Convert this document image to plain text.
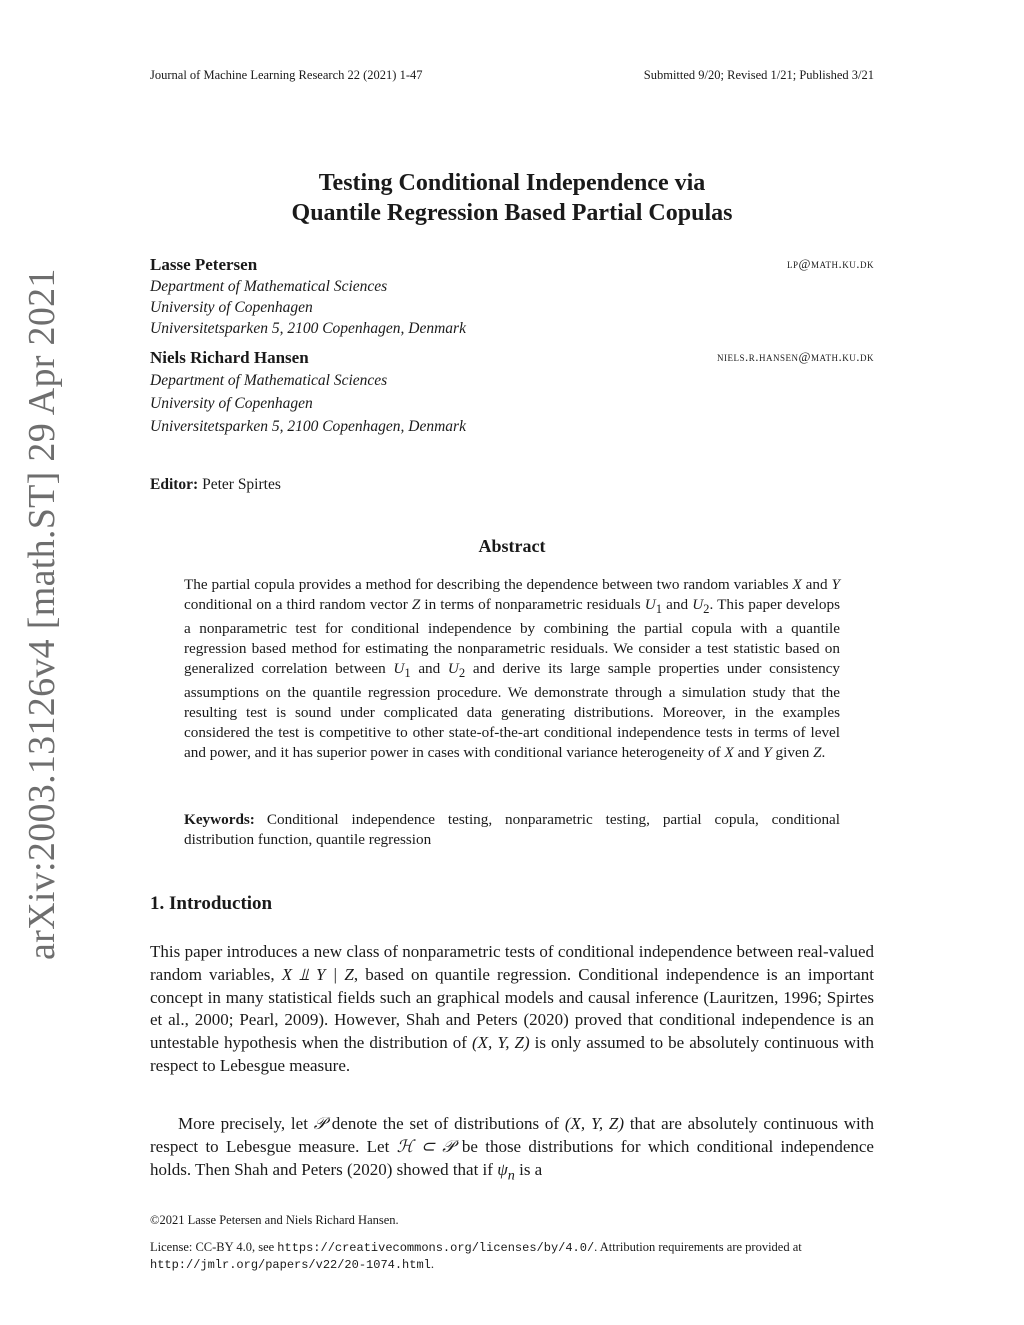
Journal of Machine Learning Research 22 (2021) 1-47	Submitted 9/20; Revised 1/21; Published 3/21
arXiv:2003.13126v4 [math.ST] 29 Apr 2021
Testing Conditional Independence via
Quantile Regression Based Partial Copulas
Lasse Petersen	lp@math.ku.dk
Department of Mathematical Sciences
University of Copenhagen
Universitetsparken 5, 2100 Copenhagen, Denmark
Niels Richard Hansen	niels.r.hansen@math.ku.dk
Department of Mathematical Sciences
University of Copenhagen
Universitetsparken 5, 2100 Copenhagen, Denmark
Editor: Peter Spirtes
Abstract
The partial copula provides a method for describing the dependence between two random variables X and Y conditional on a third random vector Z in terms of nonparametric residuals $U_1$ and $U_2$. This paper develops a nonparametric test for conditional independence by combining the partial copula with a quantile regression based method for estimating the nonparametric residuals. We consider a test statistic based on generalized correlation between $U_1$ and $U_2$ and derive its large sample properties under consistency assumptions on the quantile regression procedure. We demonstrate through a simulation study that the resulting test is sound under complicated data generating distributions. Moreover, in the examples considered the test is competitive to other state-of-the-art conditional independence tests in terms of level and power, and it has superior power in cases with conditional variance heterogeneity of X and Y given Z.
Keywords: Conditional independence testing, nonparametric testing, partial copula, conditional distribution function, quantile regression
1. Introduction
This paper introduces a new class of nonparametric tests of conditional independence between real-valued random variables, X ⫫ Y | Z, based on quantile regression. Conditional independence is an important concept in many statistical fields such an graphical models and causal inference (Lauritzen, 1996; Spirtes et al., 2000; Pearl, 2009). However, Shah and Peters (2020) proved that conditional independence is an untestable hypothesis when the distribution of (X, Y, Z) is only assumed to be absolutely continuous with respect to Lebesgue measure.
More precisely, let 𝒫 denote the set of distributions of (X, Y, Z) that are absolutely continuous with respect to Lebesgue measure. Let ℋ ⊂ 𝒫 be those distributions for which conditional independence holds. Then Shah and Peters (2020) showed that if $\psi_n$ is a
©2021 Lasse Petersen and Niels Richard Hansen.
License: CC-BY 4.0, see https://creativecommons.org/licenses/by/4.0/. Attribution requirements are provided at http://jmlr.org/papers/v22/20-1074.html.
